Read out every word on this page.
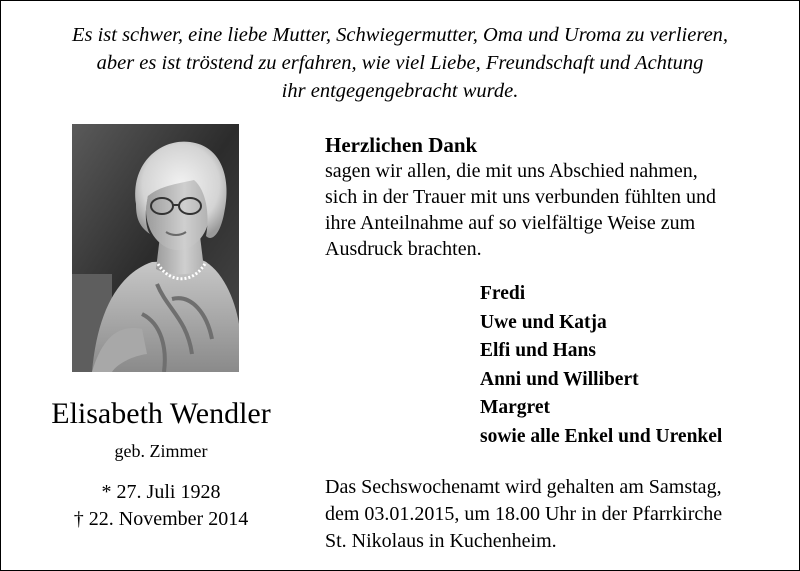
Es ist schwer, eine liebe Mutter, Schwiegermutter, Oma und Uroma zu verlieren,
aber es ist tröstend zu erfahren, wie viel Liebe, Freundschaft und Achtung
ihr entgegengebracht wurde.
Elisabeth Wendler
geb. Zimmer
* 27. Juli 1928
† 22. November 2014
Herzlichen Dank
sagen wir allen, die mit uns Abschied nahmen,
sich in der Trauer mit uns verbunden fühlten und
ihre Anteilnahme auf so vielfältige Weise zum
Ausdruck brachten.
Fredi
Uwe und Katja
Elfi und Hans
Anni und Willibert
Margret
sowie alle Enkel und Urenkel
Das Sechswochenamt wird gehalten am Samstag,
dem 03.01.2015, um 18.00 Uhr in der Pfarrkirche
St. Nikolaus in Kuchenheim.
